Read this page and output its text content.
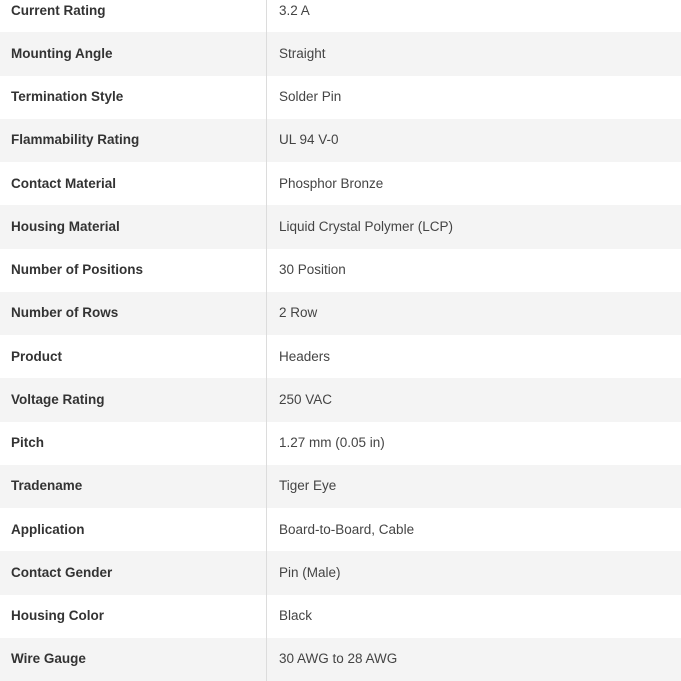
Current Rating	3.2 A
Mounting Angle	Straight
Termination Style	Solder Pin
Flammability Rating	UL 94 V-0
Contact Material	Phosphor Bronze
Housing Material	Liquid Crystal Polymer (LCP)
Number of Positions	30 Position
Number of Rows	2 Row
Product	Headers
Voltage Rating	250 VAC
Pitch	1.27 mm (0.05 in)
Tradename	Tiger Eye
Application	Board-to-Board, Cable
Contact Gender	Pin (Male)
Housing Color	Black
Wire Gauge	30 AWG to 28 AWG
